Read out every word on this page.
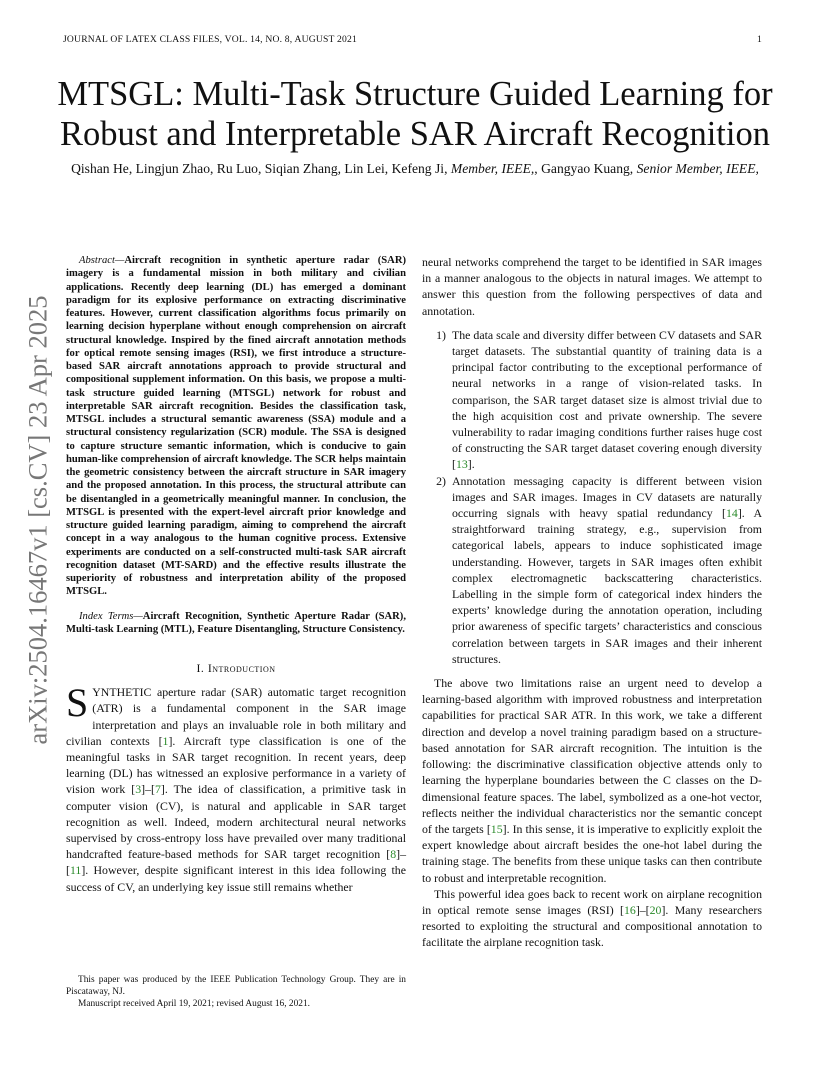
JOURNAL OF LATEX CLASS FILES, VOL. 14, NO. 8, AUGUST 2021	1
MTSGL: Multi-Task Structure Guided Learning for Robust and Interpretable SAR Aircraft Recognition
Qishan He, Lingjun Zhao, Ru Luo, Siqian Zhang, Lin Lei, Kefeng Ji, Member, IEEE,, Gangyao Kuang, Senior Member, IEEE,
arXiv:2504.16467v1 [cs.CV] 23 Apr 2025

Abstract—Aircraft recognition in synthetic aperture radar (SAR) imagery is a fundamental mission in both military and civilian applications. Recently deep learning (DL) has emerged a dominant paradigm for its explosive performance on extracting discriminative features. However, current classification algorithms focus primarily on learning decision hyperplane without enough comprehension on aircraft structural knowledge. Inspired by the fined aircraft annotation methods for optical remote sensing images (RSI), we first introduce a structure-based SAR aircraft annotations approach to provide structural and compositional supplement information. On this basis, we propose a multi-task structure guided learning (MTSGL) network for robust and interpretable SAR aircraft recognition. Besides the classification task, MTSGL includes a structural semantic awareness (SSA) module and a structural consistency regularization (SCR) module. The SSA is designed to capture structure semantic information, which is conducive to gain human-like comprehension of aircraft knowledge. The SCR helps maintain the geometric consistency between the aircraft structure in SAR imagery and the proposed annotation. In this process, the structural attribute can be disentangled in a geometrically meaningful manner. In conclusion, the MTSGL is presented with the expert-level aircraft prior knowledge and structure guided learning paradigm, aiming to comprehend the aircraft concept in a way analogous to the human cognitive process. Extensive experiments are conducted on a self-constructed multi-task SAR aircraft recognition dataset (MT-SARD) and the effective results illustrate the superiority of robustness and interpretation ability of the proposed MTSGL.

Index Terms—Aircraft Recognition, Synthetic Aperture Radar (SAR), Multi-task Learning (MTL), Feature Disentangling, Structure Consistency.

I. Introduction

SYNTHETIC aperture radar (SAR) automatic target recognition (ATR) is a fundamental component in the SAR image interpretation and plays an invaluable role in both military and civilian contexts [1]. Aircraft type classification is one of the meaningful tasks in SAR target recognition. In recent years, deep learning (DL) has witnessed an explosive performance in a variety of vision work [3]–[7]. The idea of classification, a primitive task in computer vision (CV), is natural and applicable in SAR target recognition as well. Indeed, modern architectural neural networks supervised by cross-entropy loss have prevailed over many traditional handcrafted feature-based methods for SAR target recognition [8]–[11]. However, despite significant interest in this idea following the success of CV, an underlying key issue still remains whether

This paper was produced by the IEEE Publication Technology Group. They are in Piscataway, NJ.

Manuscript received April 19, 2021; revised August 16, 2021.

neural networks comprehend the target to be identified in SAR images in a manner analogous to the objects in natural images. We attempt to answer this question from the following perspectives of data and annotation.

1) The data scale and diversity differ between CV datasets and SAR target datasets. The substantial quantity of training data is a principal factor contributing to the exceptional performance of neural networks in a range of vision-related tasks. In comparison, the SAR target dataset size is almost trivial due to the high acquisition cost and private ownership. The severe vulnerability to radar imaging conditions further raises huge cost of constructing the SAR target dataset covering enough diversity [13].
2) Annotation messaging capacity is different between vision images and SAR images. Images in CV datasets are naturally occurring signals with heavy spatial redundancy [14]. A straightforward training strategy, e.g., supervision from categorical labels, appears to induce sophisticated image understanding. However, targets in SAR images often exhibit complex electromagnetic backscattering characteristics. Labelling in the simple form of categorical index hinders the experts’ knowledge during the annotation operation, including prior awareness of specific targets’ characteristics and conscious correlation between targets in SAR images and their inherent structures.

The above two limitations raise an urgent need to develop a learning-based algorithm with improved robustness and interpretation capabilities for practical SAR ATR. In this work, we take a different direction and develop a novel training paradigm based on a structure-based annotation for SAR aircraft recognition. The intuition is the following: the discriminative classification objective attends only to learning the hyperplane boundaries between the C classes on the D-dimensional feature spaces. The label, symbolized as a one-hot vector, reflects neither the individual characteristics nor the semantic concept of the targets [15]. In this sense, it is imperative to explicitly exploit the expert knowledge about aircraft besides the one-hot label during the training stage. The benefits from these unique tasks can then contribute to robust and interpretable recognition.

This powerful idea goes back to recent work on airplane recognition in optical remote sense images (RSI) [16]–[20]. Many researchers resorted to exploiting the structural and compositional annotation to facilitate the airplane recognition task.
